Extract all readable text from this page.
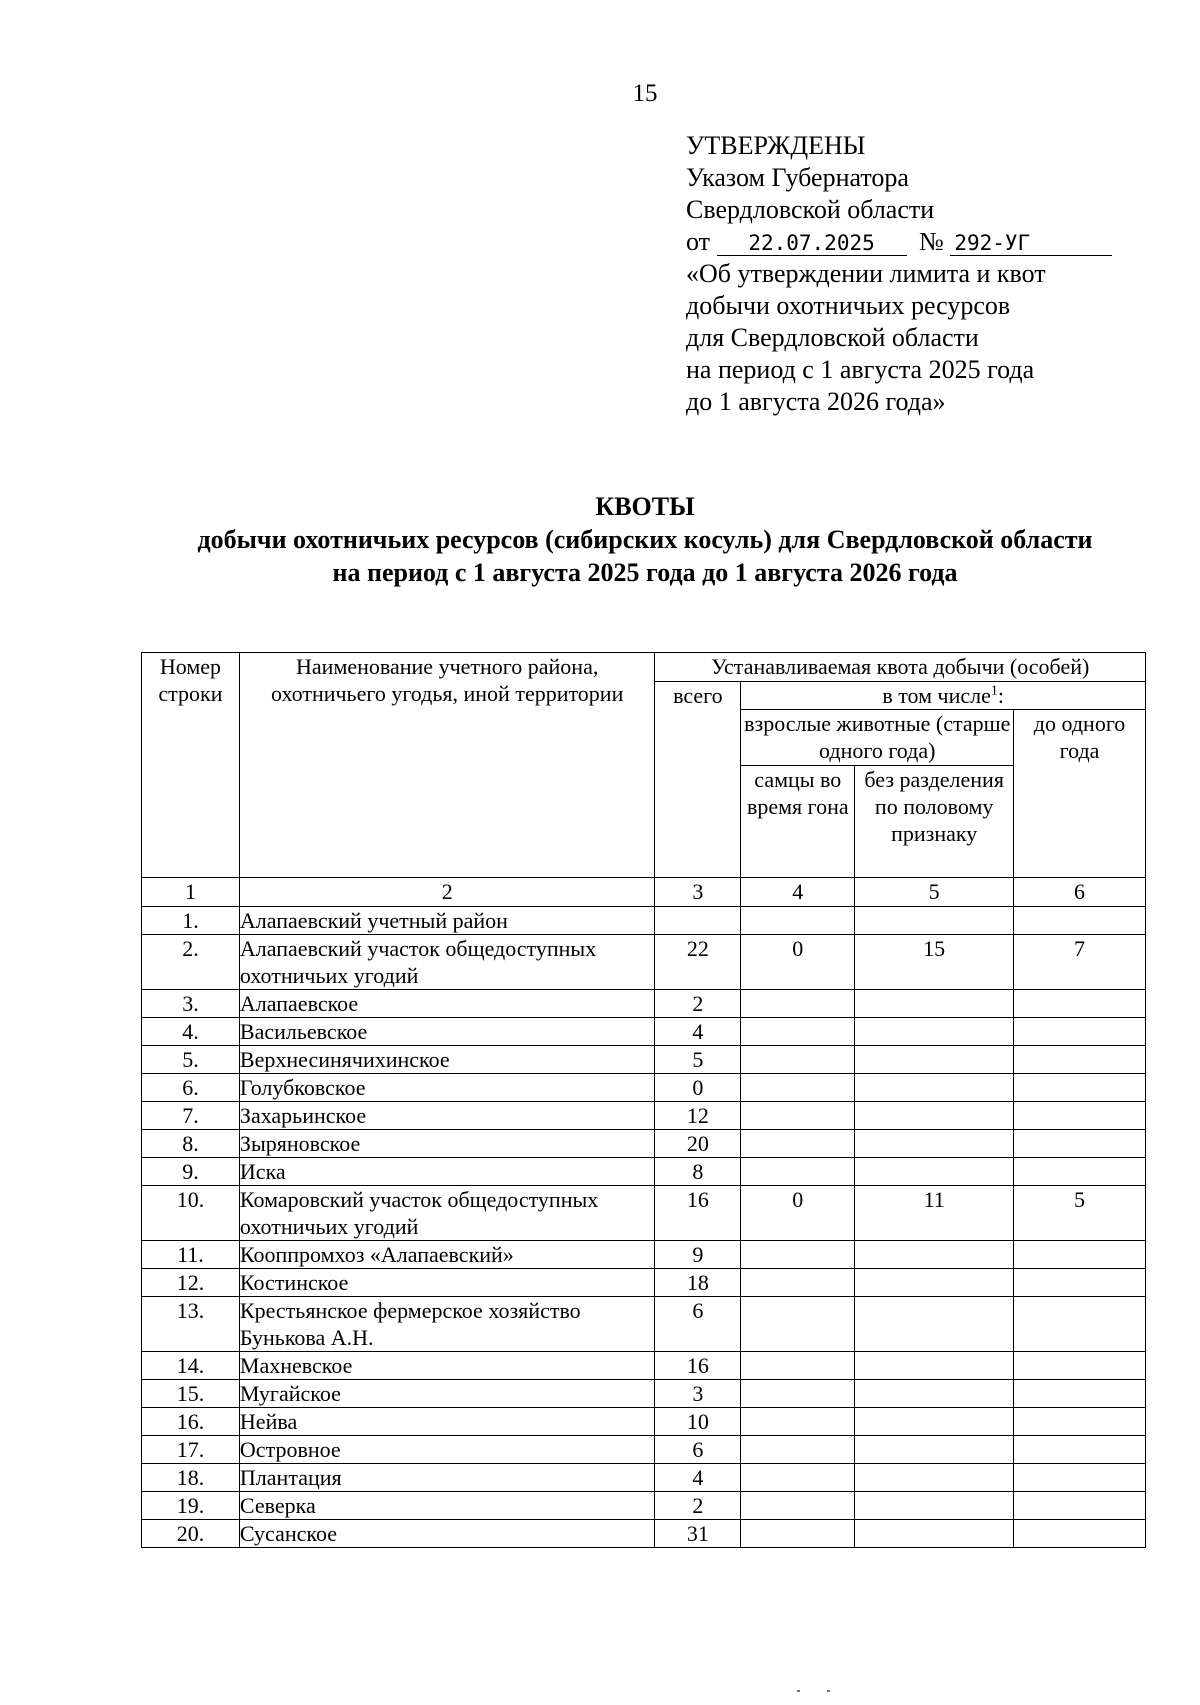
15
УТВЕРЖДЕНЫ
Указом Губернатора
Свердловской области
от 22.07.2025 № 292-УГ
«Об утверждении лимита и квот
добычи охотничьих ресурсов
для Свердловской области
на период с 1 августа 2025 года
до 1 августа 2026 года»
КВОТЫ
добычи охотничьих ресурсов (сибирских косуль) для Свердловской области
на период с 1 августа 2025 года до 1 августа 2026 года
Номер строки	Наименование учетного района, охотничьего угодья, иной территории	Устанавливаемая квота добычи (особей)			
		всего	в том числе$^1$:		
			взрослые животные (старше одного года)		до одного года
			самцы во время гона	без разделения по половому признаку	
1	2	3	4	5	6
1.	Алапаевский учетный район				
2.	Алапаевский участок общедоступных охотничьих угодий	22	0	15	7
3.	Алапаевское	2			
4.	Васильевское	4			
5.	Верхнесинячихинское	5			
6.	Голубковское	0			
7.	Захарьинское	12			
8.	Зыряновское	20			
9.	Иска	8			
10.	Комаровский участок общедоступных охотничьих угодий	16	0	11	5
11.	Кооппромхоз «Алапаевский»	9			
12.	Костинское	18			
13.	Крестьянское фермерское хозяйство Бунькова А.Н.	6			
14.	Махневское	16			
15.	Мугайское	3			
16.	Нейва	10			
17.	Островное	6			
18.	Плантация	4			
19.	Северка	2			
20.	Сусанское	31			
